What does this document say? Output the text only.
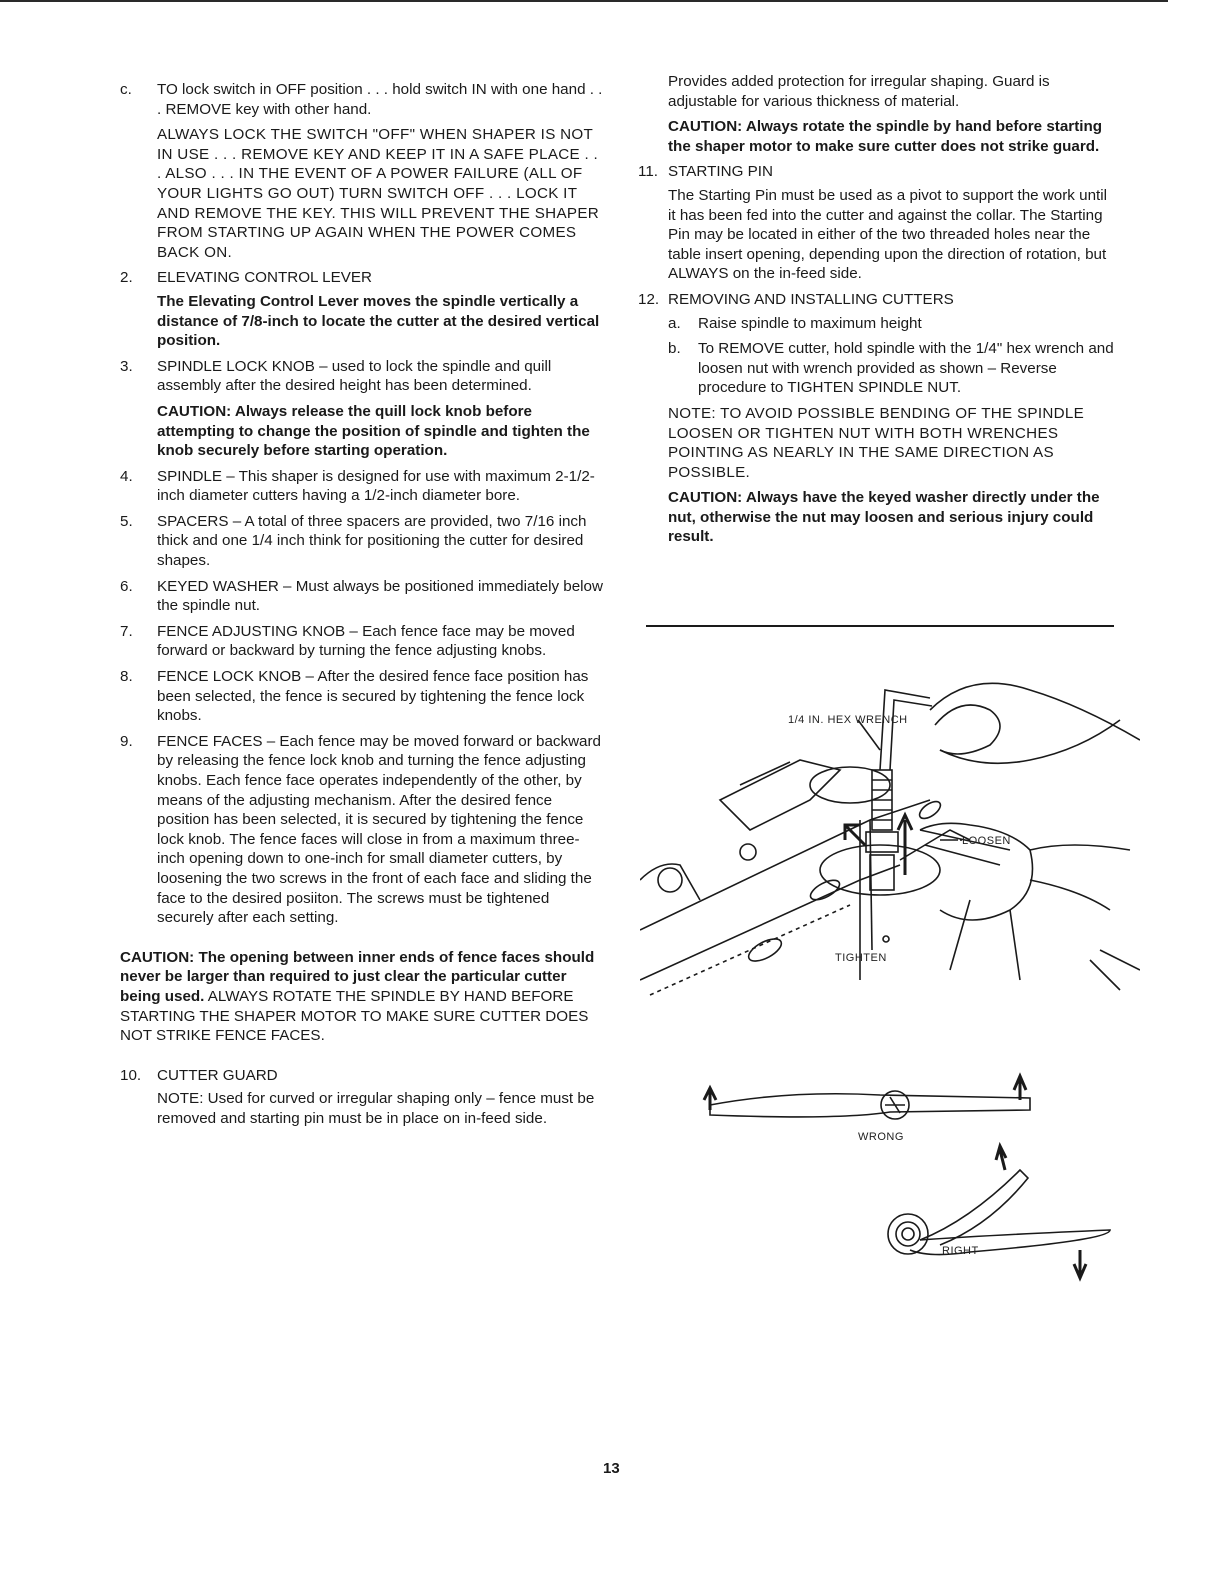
c. TO lock switch in OFF position . . . hold switch IN with one hand . . . REMOVE key with other hand.

ALWAYS LOCK THE SWITCH "OFF" WHEN SHAPER IS NOT IN USE . . . REMOVE KEY AND KEEP IT IN A SAFE PLACE . . . ALSO . . . IN THE EVENT OF A POWER FAILURE (ALL OF YOUR LIGHTS GO OUT) TURN SWITCH OFF . . . LOCK IT AND REMOVE THE KEY. THIS WILL PREVENT THE SHAPER FROM STARTING UP AGAIN WHEN THE POWER COMES BACK ON.

2. ELEVATING CONTROL LEVER

The Elevating Control Lever moves the spindle vertically a distance of 7/8-inch to locate the cutter at the desired vertical position.

3. SPINDLE LOCK KNOB – used to lock the spindle and quill assembly after the desired height has been determined.

CAUTION: Always release the quill lock knob before attempting to change the position of spindle and tighten the knob securely before starting operation.

4. SPINDLE – This shaper is designed for use with maximum 2-1/2-inch diameter cutters having a 1/2-inch diameter bore.

5. SPACERS – A total of three spacers are provided, two 7/16 inch thick and one 1/4 inch think for positioning the cutter for desired shapes.

6. KEYED WASHER – Must always be positioned immediately below the spindle nut.

7. FENCE ADJUSTING KNOB – Each fence face may be moved forward or backward by turning the fence adjusting knobs.

8. FENCE LOCK KNOB – After the desired fence face position has been selected, the fence is secured by tightening the fence lock knobs.

9. FENCE FACES – Each fence may be moved forward or backward by releasing the fence lock knob and turning the fence adjusting knobs. Each fence face operates independently of the other, by means of the adjusting mechanism. After the desired fence position has been selected, it is secured by tightening the fence lock knob. The fence faces will close in from a maximum three-inch opening down to one-inch for small diameter cutters, by loosening the two screws in the front of each face and sliding the face to the desired posiiton. The screws must be tightened securely after each setting.

CAUTION: The opening between inner ends of fence faces should never be larger than required to just clear the particular cutter being used. ALWAYS ROTATE THE SPINDLE BY HAND BEFORE STARTING THE SHAPER MOTOR TO MAKE SURE CUTTER DOES NOT STRIKE FENCE FACES.

10. CUTTER GUARD

NOTE: Used for curved or irregular shaping only – fence must be removed and starting pin must be in place on in-feed side.

Provides added protection for irregular shaping. Guard is adjustable for various thickness of material.

CAUTION: Always rotate the spindle by hand before starting the shaper motor to make sure cutter does not strike guard.

11. STARTING PIN

The Starting Pin must be used as a pivot to support the work until it has been fed into the cutter and against the collar. The Starting Pin may be located in either of the two threaded holes near the table insert opening, depending upon the direction of rotation, but ALWAYS on the in-feed side.

12. REMOVING AND INSTALLING CUTTERS

a. Raise spindle to maximum height

b. To REMOVE cutter, hold spindle with the 1/4" hex wrench and loosen nut with wrench provided as shown – Reverse procedure to TIGHTEN SPINDLE NUT.

NOTE: TO AVOID POSSIBLE BENDING OF THE SPINDLE LOOSEN OR TIGHTEN NUT WITH BOTH WRENCHES POINTING AS NEARLY IN THE SAME DIRECTION AS POSSIBLE.

CAUTION: Always have the keyed washer directly under the nut, otherwise the nut may loosen and serious injury could result.

1/4 IN. HEX WRENCH
LOOSEN
TIGHTEN
WRONG
RIGHT
13
